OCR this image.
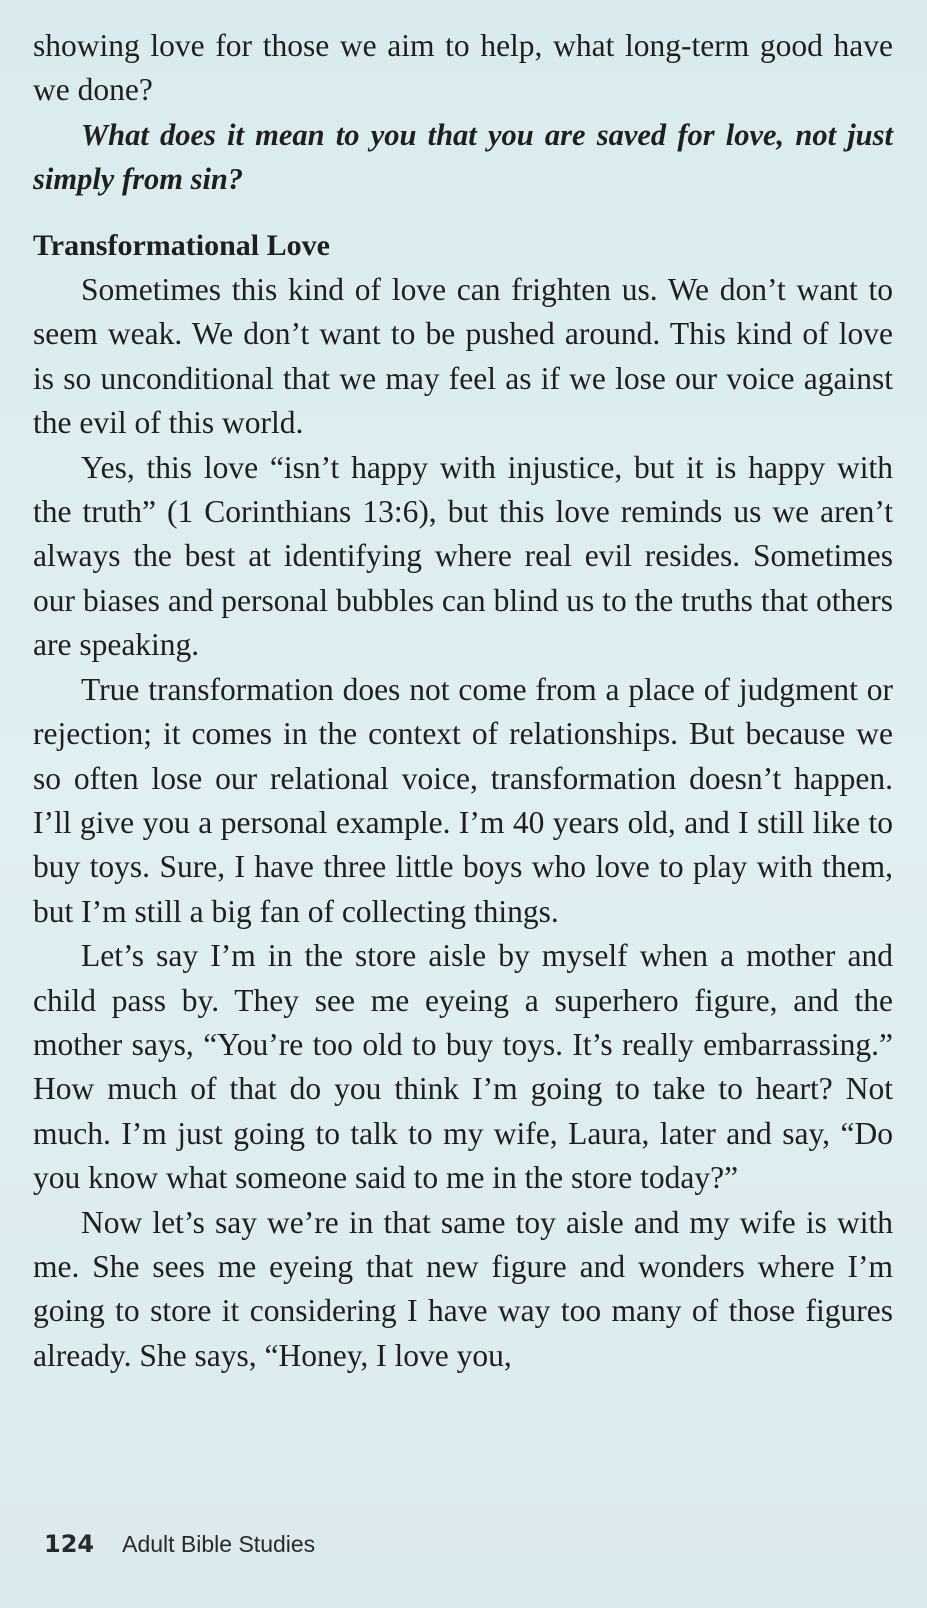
showing love for those we aim to help, what long-term good have we done?

What does it mean to you that you are saved for love, not just simply from sin?

Transformational Love

Sometimes this kind of love can frighten us. We don’t want to seem weak. We don’t want to be pushed around. This kind of love is so unconditional that we may feel as if we lose our voice against the evil of this world.

Yes, this love “isn’t happy with injustice, but it is happy with the truth” (1 Corinthians 13:6), but this love reminds us we aren’t always the best at identifying where real evil resides. Sometimes our biases and personal bubbles can blind us to the truths that others are speaking.

True transformation does not come from a place of judgment or rejection; it comes in the context of relationships. But because we so often lose our relational voice, transformation doesn’t happen. I’ll give you a personal example. I’m 40 years old, and I still like to buy toys. Sure, I have three little boys who love to play with them, but I’m still a big fan of collecting things.

Let’s say I’m in the store aisle by myself when a mother and child pass by. They see me eyeing a superhero figure, and the mother says, “You’re too old to buy toys. It’s really embarrassing.” How much of that do you think I’m going to take to heart? Not much. I’m just going to talk to my wife, Laura, later and say, “Do you know what someone said to me in the store today?”

Now let’s say we’re in that same toy aisle and my wife is with me. She sees me eyeing that new figure and wonders where I’m going to store it considering I have way too many of those figures already. She says, “Honey, I love you,

124 Adult Bible Studies
